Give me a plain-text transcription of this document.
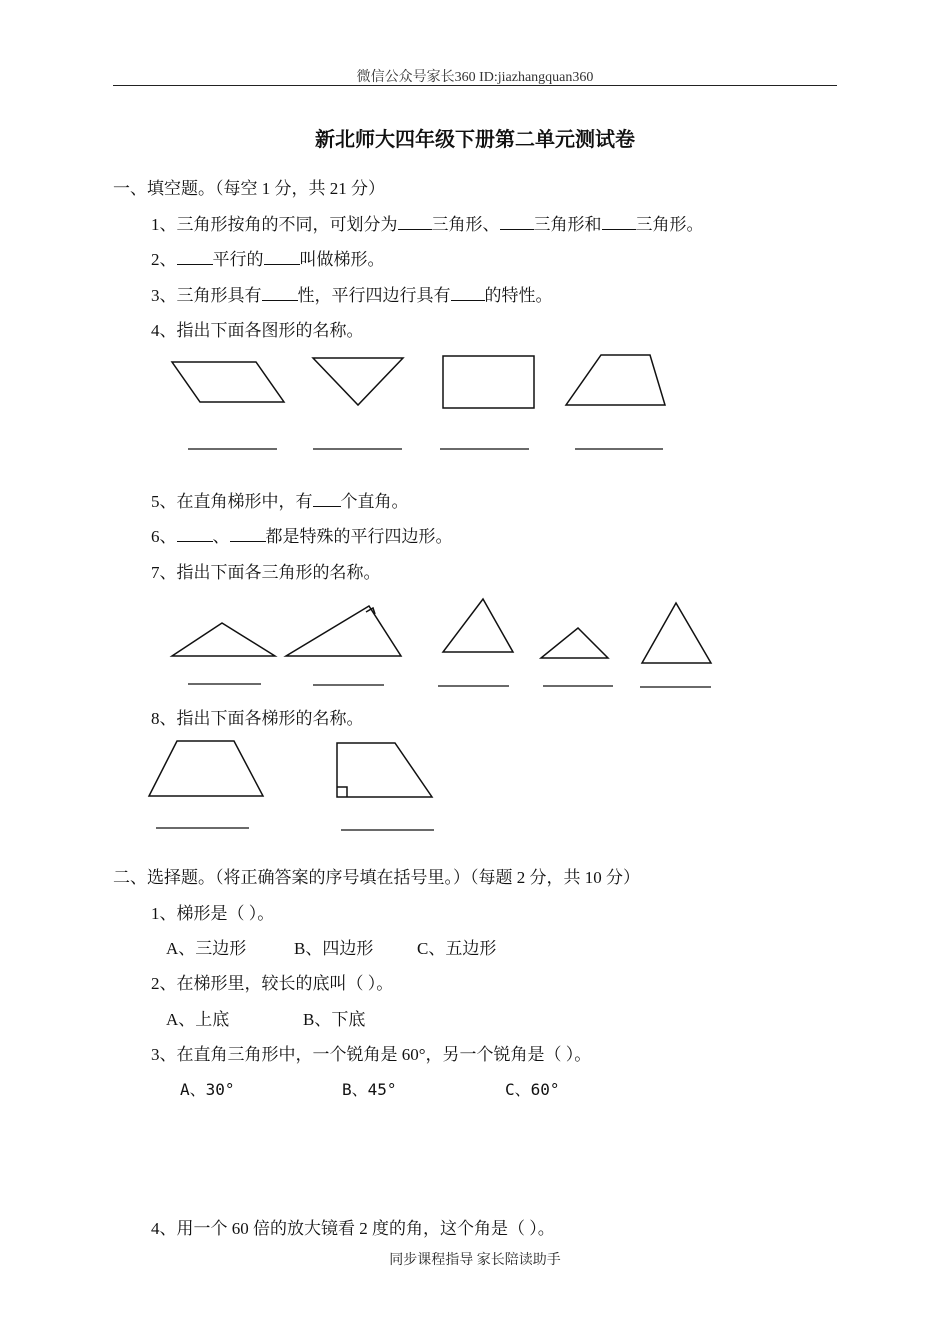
微信公众号家长360 ID:jiazhangquan360
新北师大四年级下册第二单元测试卷
一、填空题。（每空 1 分，共 21 分）
1、三角形按角的不同，可划分为 三角形、 三角形和 三角形。
2、 平行的 叫做梯形。
3、三角形具有 性，平行四边行具有 的特性。
4、指出下面各图形的名称。
5、在直角梯形中，有 个直角。
6、 、 都是特殊的平行四边形。
7、指出下面各三角形的名称。
8、指出下面各梯形的名称。
二、选择题。（将正确答案的序号填在括号里。）（每题 2 分，共 10 分）
1、梯形是（ ）。
A、三边形	B、四边形	C、五边形
2、在梯形里，较长的底叫（ ）。
A、上底	B、下底
3、在直角三角形中，一个锐角是 60°，另一个锐角是（ ）。
A、30°	B、45°	C、60°
4、用一个 60 倍的放大镜看 2 度的角，这个角是（ ）。
同步课程指导 家长陪读助手
